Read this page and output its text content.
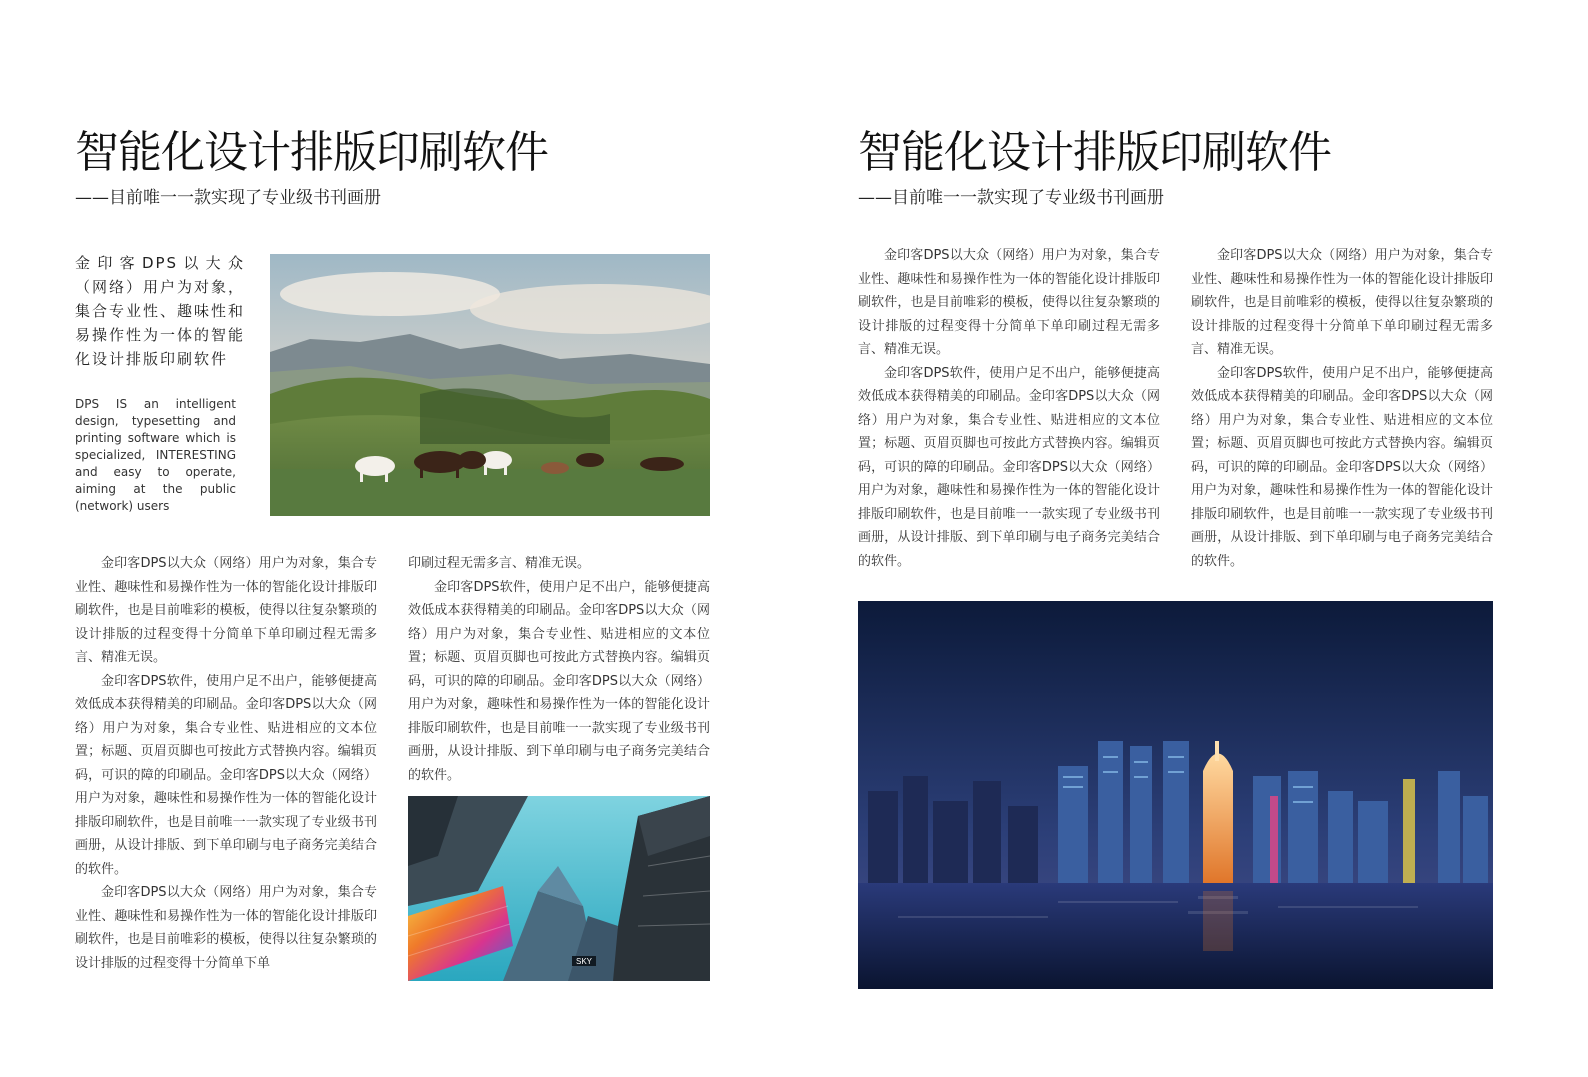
智能化设计排版印刷软件
——目前唯一一款实现了专业级书刊画册
金印客DPS以大众（网络）用户为对象，集合专业性、趣味性和易操作性为一体的智能化设计排版印刷软件
DPS IS an intelligent design, typesetting and printing software which is specialized, INTERESTING and easy to operate, aiming at the public (network) users

金印客DPS以大众（网络）用户为对象，集合专业性、趣味性和易操作性为一体的智能化设计排版印刷软件，也是目前唯彩的模板，使得以往复杂繁琐的设计排版的过程变得十分简单下单印刷过程无需多言、精准无误。

金印客DPS软件，使用户足不出户，能够便捷高效低成本获得精美的印刷品。金印客DPS以大众（网络）用户为对象，集合专业性、贴进相应的文本位置；标题、页眉页脚也可按此方式替换内容。编辑页码，可识的障的印刷品。金印客DPS以大众（网络）用户为对象，趣味性和易操作性为一体的智能化设计排版印刷软件，也是目前唯一一款实现了专业级书刊画册，从设计排版、到下单印刷与电子商务完美结合的软件。

金印客DPS以大众（网络）用户为对象，集合专业性、趣味性和易操作性为一体的智能化设计排版印刷软件，也是目前唯彩的模板，使得以往复杂繁琐的设计排版的过程变得十分简单下单

印刷过程无需多言、精准无误。

金印客DPS软件，使用户足不出户，能够便捷高效低成本获得精美的印刷品。金印客DPS以大众（网络）用户为对象，集合专业性、贴进相应的文本位置；标题、页眉页脚也可按此方式替换内容。编辑页码，可识的障的印刷品。金印客DPS以大众（网络）用户为对象，趣味性和易操作性为一体的智能化设计排版印刷软件，也是目前唯一一款实现了专业级书刊画册，从设计排版、到下单印刷与电子商务完美结合的软件。

SKY
智能化设计排版印刷软件
——目前唯一一款实现了专业级书刊画册

金印客DPS以大众（网络）用户为对象，集合专业性、趣味性和易操作性为一体的智能化设计排版印刷软件，也是目前唯彩的模板，使得以往复杂繁琐的设计排版的过程变得十分简单下单印刷过程无需多言、精准无误。

金印客DPS软件，使用户足不出户，能够便捷高效低成本获得精美的印刷品。金印客DPS以大众（网络）用户为对象，集合专业性、贴进相应的文本位置；标题、页眉页脚也可按此方式替换内容。编辑页码，可识的障的印刷品。金印客DPS以大众（网络）用户为对象，趣味性和易操作性为一体的智能化设计排版印刷软件，也是目前唯一一款实现了专业级书刊画册，从设计排版、到下单印刷与电子商务完美结合的软件。

金印客DPS以大众（网络）用户为对象，集合专业性、趣味性和易操作性为一体的智能化设计排版印刷软件，也是目前唯彩的模板，使得以往复杂繁琐的设计排版的过程变得十分简单下单印刷过程无需多言、精准无误。

金印客DPS软件，使用户足不出户，能够便捷高效低成本获得精美的印刷品。金印客DPS以大众（网络）用户为对象，集合专业性、贴进相应的文本位置；标题、页眉页脚也可按此方式替换内容。编辑页码，可识的障的印刷品。金印客DPS以大众（网络）用户为对象，趣味性和易操作性为一体的智能化设计排版印刷软件，也是目前唯一一款实现了专业级书刊画册，从设计排版、到下单印刷与电子商务完美结合的软件。
